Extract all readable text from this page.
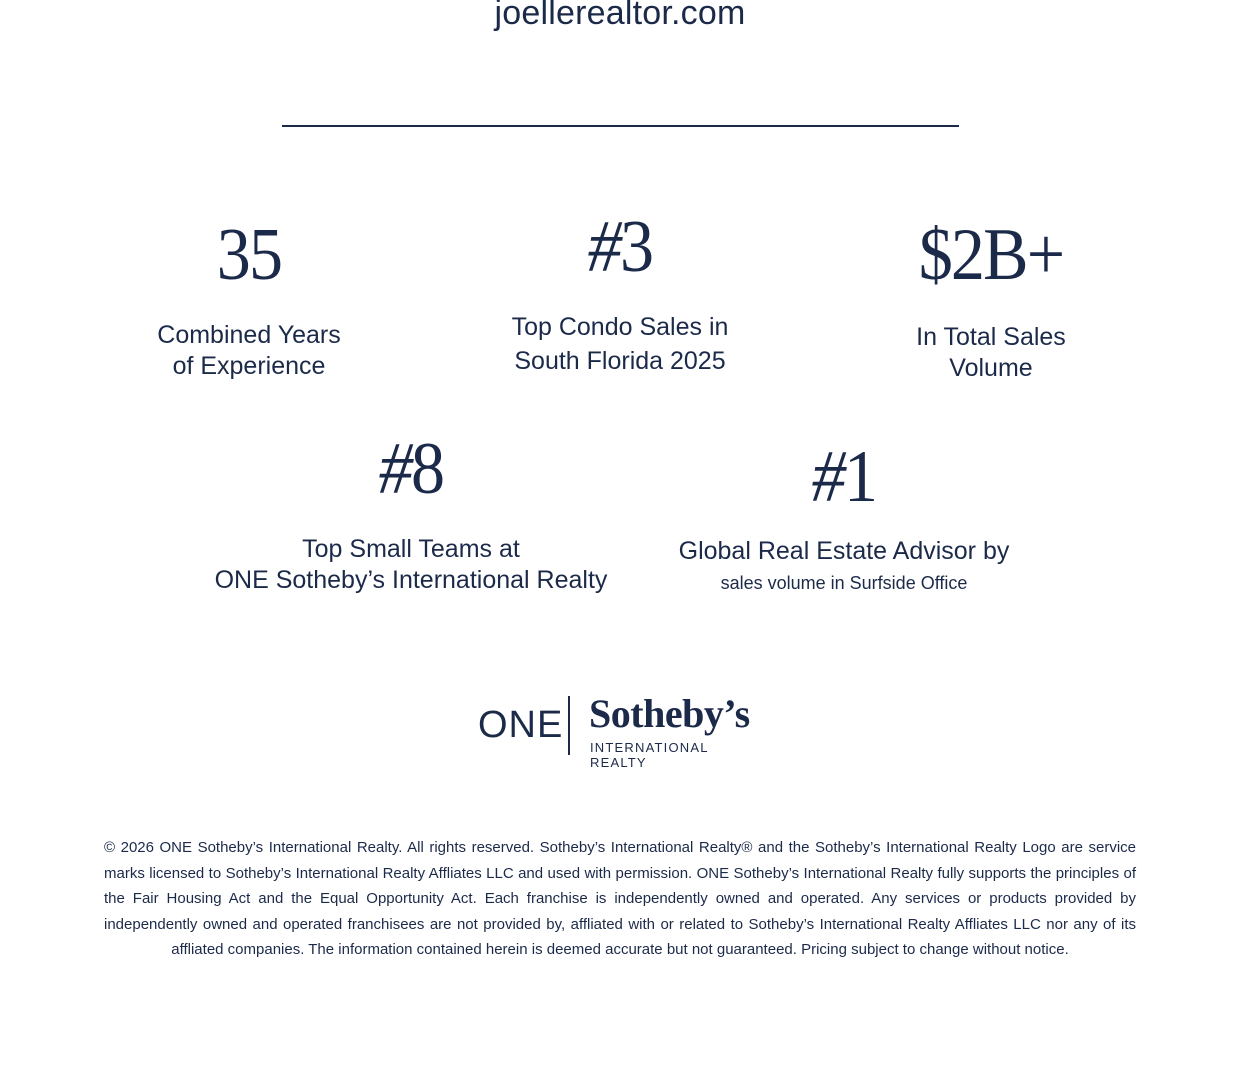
joellerealtor.com
35
Combined Years
of Experience
#3
Top Condo Sales in
South Florida 2025
$2B+
In Total Sales
Volume
#8
Top Small Teams at
ONE Sotheby’s International Realty
#1
Global Real Estate Advisor by
sales volume in Surfside Office
ONE Sotheby’s
INTERNATIONAL REALTY
© 2026 ONE Sotheby’s International Realty. All rights reserved. Sotheby’s International Realty® and the Sotheby’s International Realty Logo are service marks licensed to Sotheby’s International Realty Affliates LLC and used with permission. ONE Sotheby’s International Realty fully supports the principles of the Fair Housing Act and the Equal Opportunity Act. Each franchise is independently owned and operated. Any services or products provided by independently owned and operated franchisees are not provided by, affliated with or related to Sotheby’s International Realty Affliates LLC nor any of its affliated companies. The information contained herein is deemed accurate but not guaranteed. Pricing subject to change without notice.
